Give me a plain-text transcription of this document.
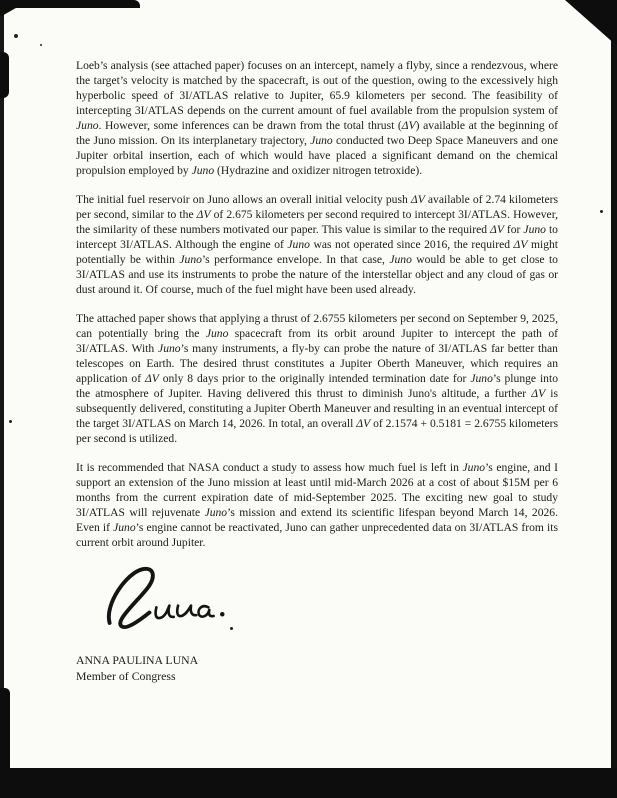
Loeb’s analysis (see attached paper) focuses on an intercept, namely a flyby, since a rendezvous, where the target’s velocity is matched by the spacecraft, is out of the question, owing to the excessively high hyperbolic speed of 3I/ATLAS relative to Jupiter, 65.9 kilometers per second. The feasibility of intercepting 3I/ATLAS depends on the current amount of fuel available from the propulsion system of Juno. However, some inferences can be drawn from the total thrust (ΔV) available at the beginning of the Juno mission. On its interplanetary trajectory, Juno conducted two Deep Space Maneuvers and one Jupiter orbital insertion, each of which would have placed a significant demand on the chemical propulsion employed by Juno (Hydrazine and oxidizer nitrogen tetroxide).

The initial fuel reservoir on Juno allows an overall initial velocity push ΔV available of 2.74 kilometers per second, similar to the ΔV of 2.675 kilometers per second required to intercept 3I/ATLAS. However, the similarity of these numbers motivated our paper. This value is similar to the required ΔV for Juno to intercept 3I/ATLAS. Although the engine of Juno was not operated since 2016, the required ΔV might potentially be within Juno’s performance envelope. In that case, Juno would be able to get close to 3I/ATLAS and use its instruments to probe the nature of the interstellar object and any cloud of gas or dust around it. Of course, much of the fuel might have been used already.

The attached paper shows that applying a thrust of 2.6755 kilometers per second on September 9, 2025, can potentially bring the Juno spacecraft from its orbit around Jupiter to intercept the path of 3I/ATLAS. With Juno’s many instruments, a fly-by can probe the nature of 3I/ATLAS far better than telescopes on Earth. The desired thrust constitutes a Jupiter Oberth Maneuver, which requires an application of ΔV only 8 days prior to the originally intended termination date for Juno’s plunge into the atmosphere of Jupiter. Having delivered this thrust to diminish Juno's altitude, a further ΔV is subsequently delivered, constituting a Jupiter Oberth Maneuver and resulting in an eventual intercept of the target 3I/ATLAS on March 14, 2026. In total, an overall ΔV of 2.1574 + 0.5181 = 2.6755 kilometers per second is utilized.

It is recommended that NASA conduct a study to assess how much fuel is left in Juno’s engine, and I support an extension of the Juno mission at least until mid-March 2026 at a cost of about $15M per 6 months from the current expiration date of mid-September 2025. The exciting new goal to study 3I/ATLAS will rejuvenate Juno’s mission and extend its scientific lifespan beyond March 14, 2026. Even if Juno’s engine cannot be reactivated, Juno can gather unprecedented data on 3I/ATLAS from its current orbit around Jupiter.

ANNA PAULINA LUNA
Member of Congress
